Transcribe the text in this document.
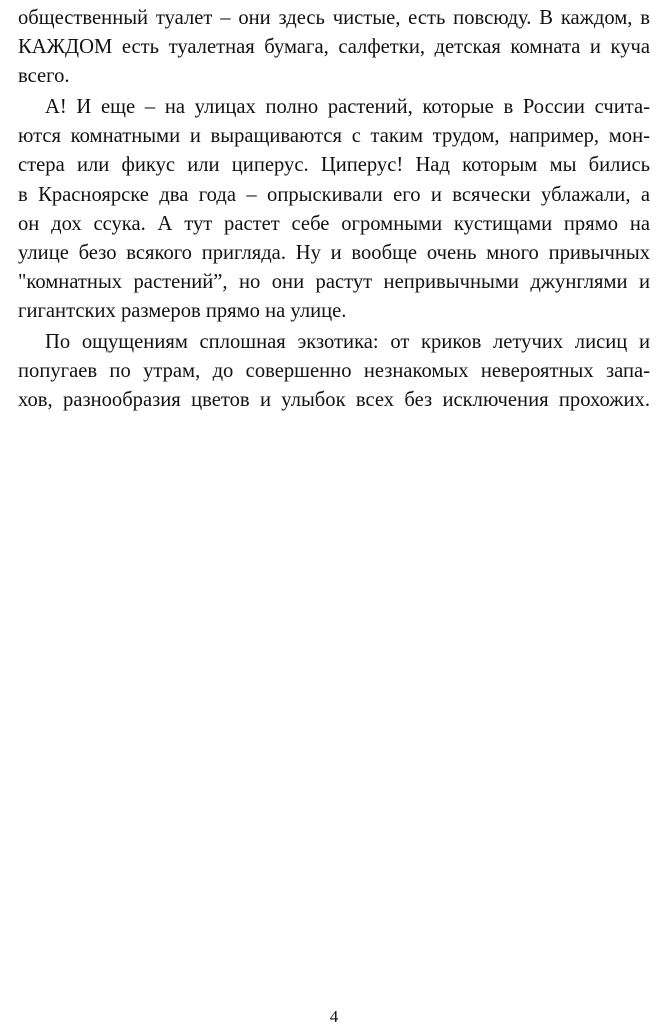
общественный туалет – они здесь чистые, есть повсюду. В каждом, в
КАЖДОМ есть туалетная бумага, салфетки, детская комната и куча
всего.
А! И еще – на улицах полно растений, которые в России счита-
ются комнатными и выращиваются с таким трудом, например, мон-
стера или фикус или циперус. Циперус! Над которым мы бились
в Красноярске два года – опрыскивали его и всячески ублажали, а
он дох ссука. А тут растет себе огромными кустищами прямо на
улице безо всякого пригляда. Ну и вообще очень много привычных
"комнатных растений”, но они растут непривычными джунглями и
гигантских размеров прямо на улице.
По ощущениям сплошная экзотика: от криков летучих лисиц и
попугаев по утрам, до совершенно незнакомых невероятных запа-
хов, разнообразия цветов и улыбок всех без исключения прохожих.
4
